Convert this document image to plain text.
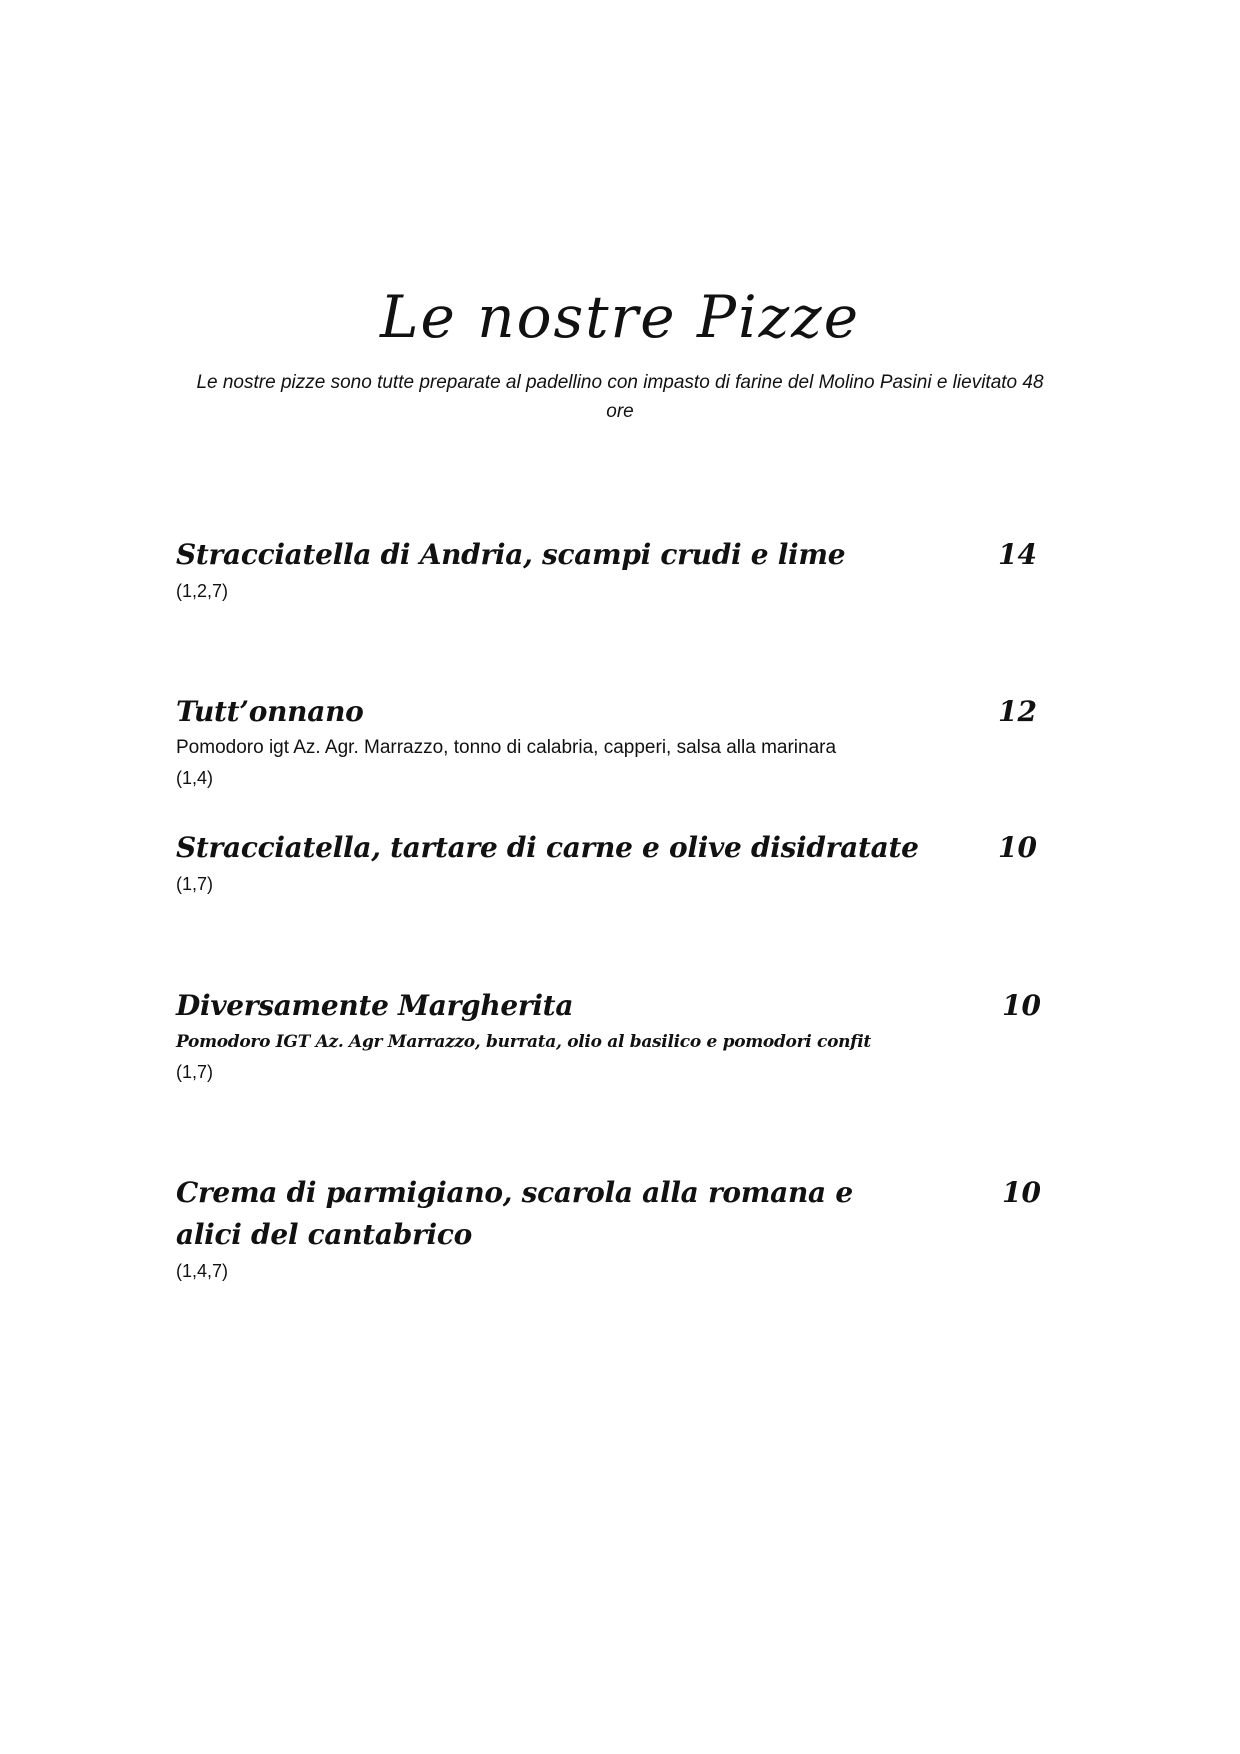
Le nostre Pizze
Le nostre pizze sono tutte preparate al padellino con impasto di farine del Molino Pasini e lievitato 48 ore
Stracciatella di Andria, scampi crudi e lime	14
(1,2,7)
Tutt’onnano	12
Pomodoro igt Az. Agr. Marrazzo, tonno di calabria, capperi, salsa alla marinara
(1,4)
Stracciatella, tartare di carne e olive disidratate	10
(1,7)
Diversamente Margherita	10
Pomodoro IGT Az. Agr Marrazzo, burrata, olio al basilico e pomodori confit
(1,7)
Crema di parmigiano, scarola alla romana e alici del cantabrico
10
(1,4,7)
